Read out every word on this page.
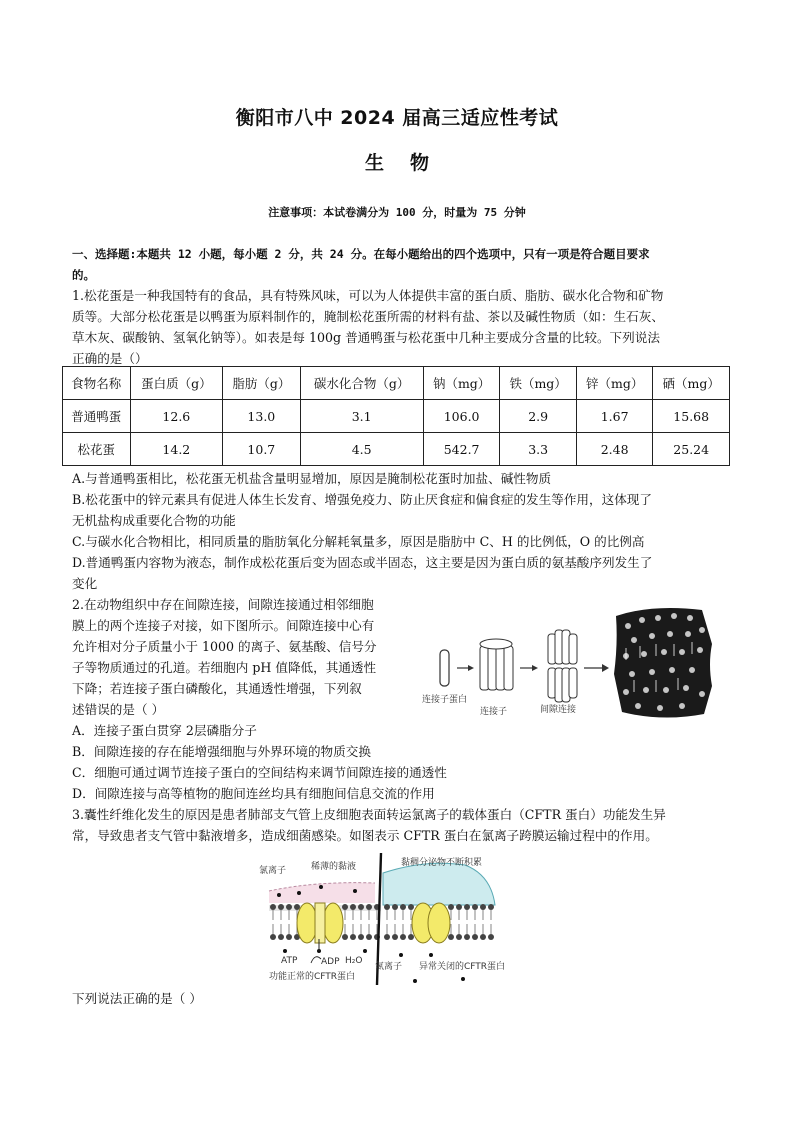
衡阳市八中 2024 届高三适应性考试
生 物
注意事项：本试卷满分为 100 分，时量为 75 分钟
一、选择题:本题共 12 小题，每小题 2 分，共 24 分。在每小题给出的四个选项中，只有一项是符合题目要求
的。
1.松花蛋是一种我国特有的食品，具有特殊风味，可以为人体提供丰富的蛋白质、脂肪、碳水化合物和矿物
质等。大部分松花蛋是以鸭蛋为原料制作的，腌制松花蛋所需的材料有盐、茶以及碱性物质（如：生石灰、
草木灰、碳酸钠、氢氧化钠等）。如表是每 100g 普通鸭蛋与松花蛋中几种主要成分含量的比较。下列说法
正确的是（）
食物名称	蛋白质（g）	脂肪（g）	碳水化合物（g）	钠（mg）	铁（mg）	锌（mg）	硒（mg）
普通鸭蛋	12.6	13.0	3.1	106.0	2.9	1.67	15.68
松花蛋	14.2	10.7	4.5	542.7	3.3	2.48	25.24
A.与普通鸭蛋相比，松花蛋无机盐含量明显增加，原因是腌制松花蛋时加盐、碱性物质
B.松花蛋中的锌元素具有促进人体生长发育、增强免疫力、防止厌食症和偏食症的发生等作用，这体现了
无机盐构成重要化合物的功能
C.与碳水化合物相比，相同质量的脂肪氧化分解耗氧量多，原因是脂肪中 C、H 的比例低，O 的比例高
D.普通鸭蛋内容物为液态，制作成松花蛋后变为固态或半固态，这主要是因为蛋白质的氨基酸序列发生了
变化
2.在动物组织中存在间隙连接，间隙连接通过相邻细胞
膜上的两个连接子对接，如下图所示。间隙连接中心有
允许相对分子质量小于 1000 的离子、氨基酸、信号分
子等物质通过的孔道。若细胞内 pH 值降低，其通透性
下降；若连接子蛋白磷酸化，其通透性增强，下列叙
述错误的是（ ）
连接子蛋白
连接子	间隙连接
A．连接子蛋白贯穿 2层磷脂分子
B．间隙连接的存在能增强细胞与外界环境的物质交换
C．细胞可通过调节连接子蛋白的空间结构来调节间隙连接的通透性
D．间隙连接与高等植物的胞间连丝均具有细胞间信息交流的作用
3.囊性纤维化发生的原因是患者肺部支气管上皮细胞表面转运氯离子的载体蛋白（CFTR 蛋白）功能发生异
常，导致患者支气管中黏液增多，造成细菌感染。如图表示 CFTR 蛋白在氯离子跨膜运输过程中的作用。
氯离子	稀薄的黏液
ATP	ADP H₂O
功能正常的CFTR蛋白
黏稠分泌物不断积累
氯离子 异常关闭的CFTR蛋白
下列说法正确的是（ ）
